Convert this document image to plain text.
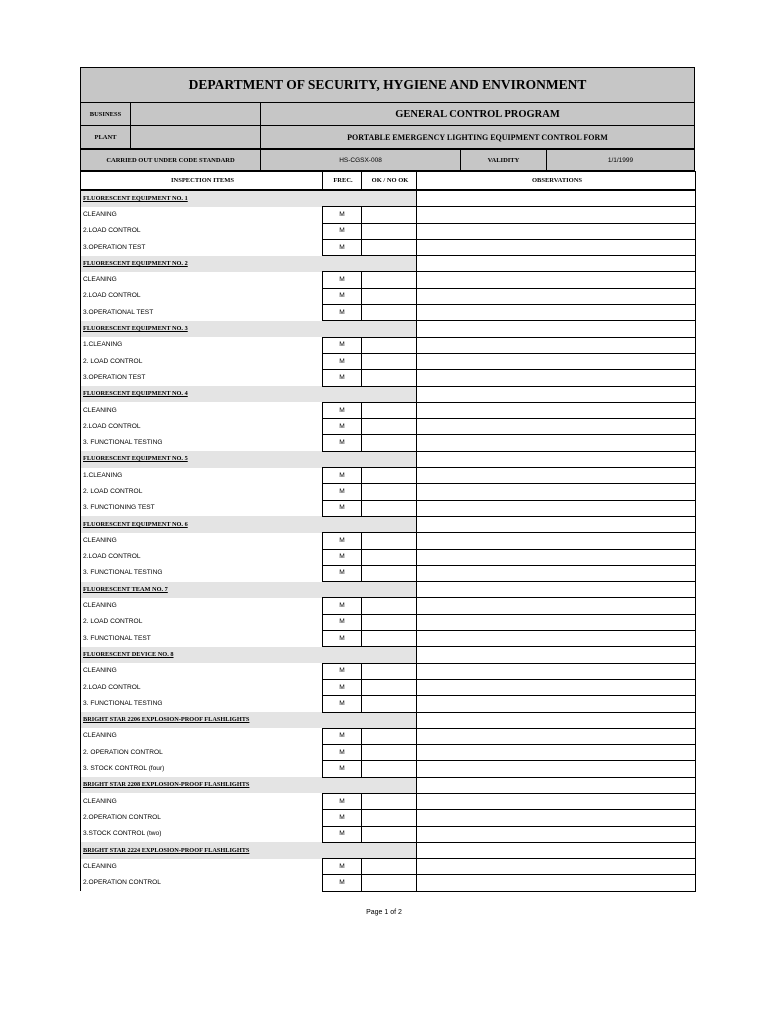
DEPARTMENT OF SECURITY, HYGIENE AND ENVIRONMENT
BUSINESS	GENERAL CONTROL PROGRAM
PLANT	PORTABLE EMERGENCY LIGHTING EQUIPMENT CONTROL FORM
CARRIED OUT UNDER CODE STANDARD	HS-CGSX-008	VALIDITY	1/1/1999
INSPECTION ITEMS	FREC.	OK / NO OK	OBSERVATIONS
FLUORESCENT EQUIPMENT NO. 1			
CLEANING	M		
2.LOAD CONTROL	M		
3.OPERATION TEST	M		
FLUORESCENT EQUIPMENT NO. 2			
CLEANING	M		
2.LOAD CONTROL	M		
3.OPERATIONAL TEST	M		
FLUORESCENT EQUIPMENT NO. 3			
1.CLEANING	M		
2. LOAD CONTROL	M		
3.OPERATION TEST	M		
FLUORESCENT EQUIPMENT NO. 4			
CLEANING	M		
2.LOAD CONTROL	M		
3. FUNCTIONAL TESTING	M		
FLUORESCENT EQUIPMENT NO. 5			
1.CLEANING	M		
2. LOAD CONTROL	M		
3. FUNCTIONING TEST	M		
FLUORESCENT EQUIPMENT NO. 6			
CLEANING	M		
2.LOAD CONTROL	M		
3. FUNCTIONAL TESTING	M		
FLUORESCENT TEAM NO. 7			
CLEANING	M		
2. LOAD CONTROL	M		
3. FUNCTIONAL TEST	M		
FLUORESCENT DEVICE NO. 8			
CLEANING	M		
2.LOAD CONTROL	M		
3. FUNCTIONAL TESTING	M		
BRIGHT STAR 2206 EXPLOSION-PROOF FLASHLIGHTS			
CLEANING	M		
2. OPERATION CONTROL	M		
3. STOCK CONTROL (four)	M		
BRIGHT STAR 2208 EXPLOSION-PROOF FLASHLIGHTS			
CLEANING	M		
2.OPERATION CONTROL	M		
3.STOCK CONTROL (two)	M		
BRIGHT STAR 2224 EXPLOSION-PROOF FLASHLIGHTS			
CLEANING	M		
2.OPERATION CONTROL	M		
Page 1 of 2
